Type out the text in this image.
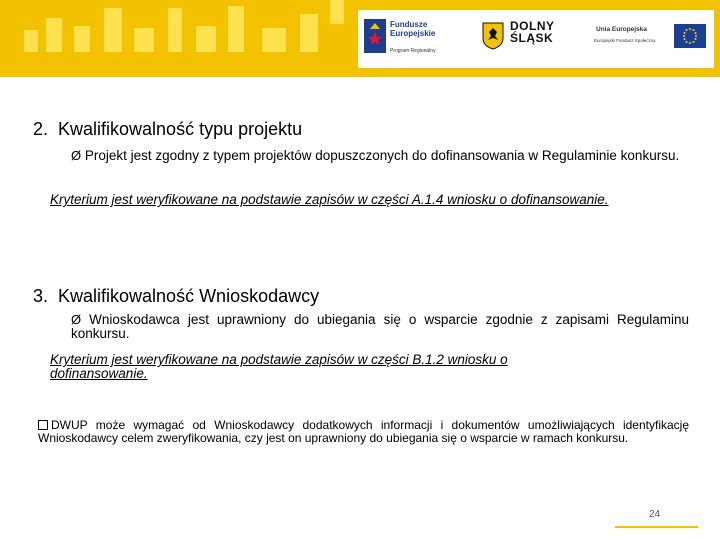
Fundusze
Europejskie
Program Regionalny
DOLNY
ŚLĄSK
Unia Europejska
Europejski Fundusz Społeczny
2.  Kwalifikowalność typu projektu
Ø Projekt jest zgodny z typem projektów dopuszczonych do dofinansowania w Regulaminie konkursu.
Kryterium jest weryfikowane na podstawie zapisów w części A.1.4 wniosku o dofinansowanie.
3.  Kwalifikowalność Wnioskodawcy
Ø Wnioskodawca jest uprawniony do ubiegania się o wsparcie zgodnie z zapisami Regulaminu konkursu.
Kryterium jest weryfikowane na podstawie zapisów w części B.1.2 wniosku o dofinansowanie.
DWUP może wymagać od Wnioskodawcy dodatkowych informacji i dokumentów umożliwiających identyfikację Wnioskodawcy celem zweryfikowania, czy jest on uprawniony do ubiegania się o wsparcie w ramach konkursu.
24
